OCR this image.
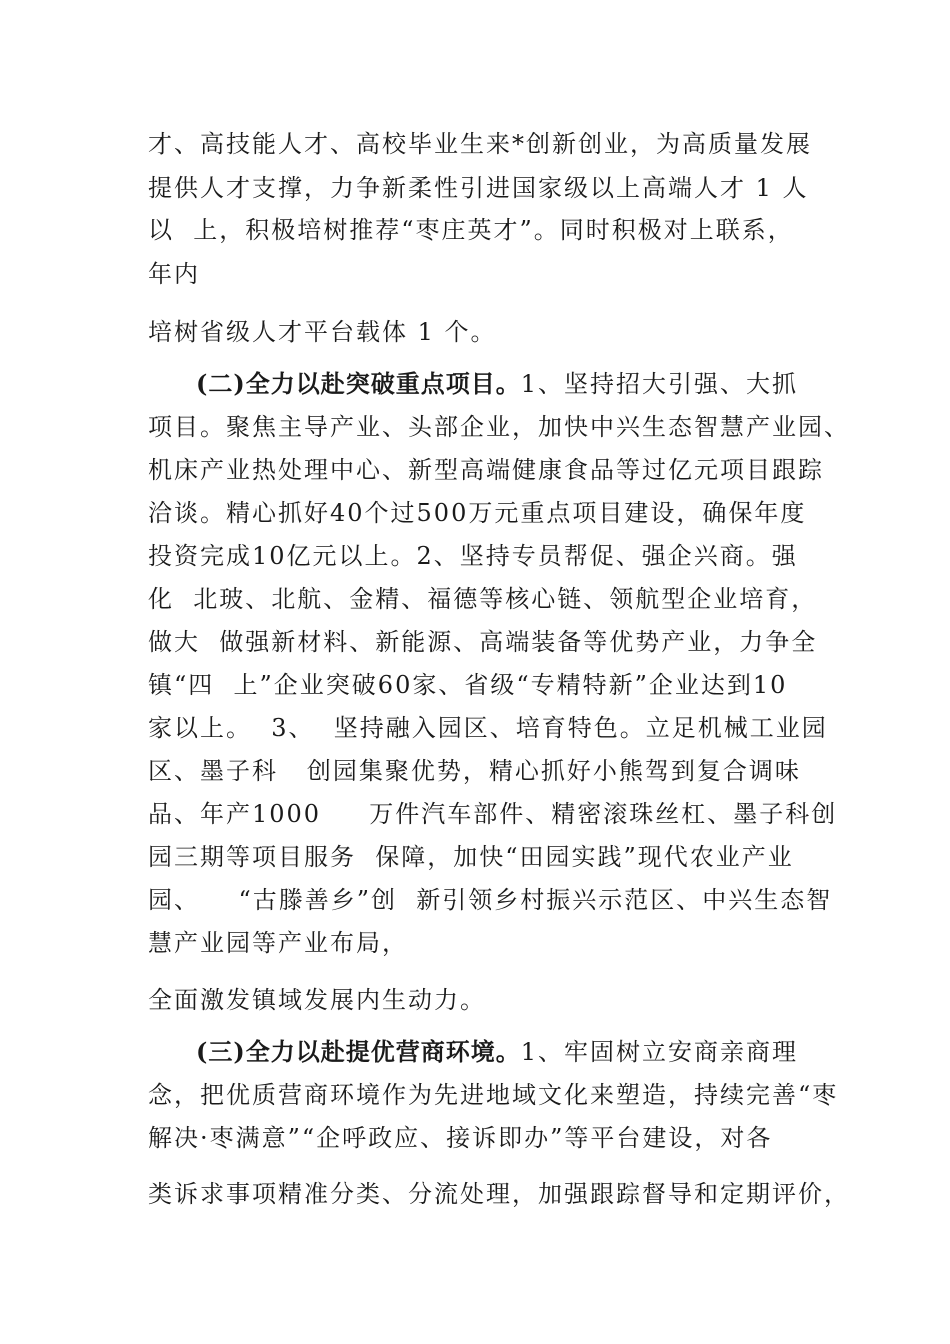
才、高技能人才、高校毕业生来*创新创业，为高质量发展
提供人才支撑，力争新柔性引进国家级以上高端人才 1 人
以  上，积极培树推荐“枣庄英才”。同时积极对上联系，
年内
培树省级人才平台载体 1 个。
(二)全力以赴突破重点项目。1、坚持招大引强、大抓
项目。聚焦主导产业、头部企业，加快中兴生态智慧产业园、
机床产业热处理中心、新型高端健康食品等过亿元项目跟踪
洽谈。精心抓好40个过500万元重点项目建设，确保年度
投资完成10亿元以上。2、坚持专员帮促、强企兴商。强
化  北玻、北航、金精、福德等核心链、领航型企业培育，
做大  做强新材料、新能源、高端装备等优势产业，力争全
镇“四  上”企业突破60家、省级“专精特新”企业达到10
家以上。  3、  坚持融入园区、培育特色。立足机械工业园
区、墨子科   创园集聚优势，精心抓好小熊驾到复合调味
品、年产1000     万件汽车部件、精密滚珠丝杠、墨子科创
园三期等项目服务  保障，加快“田园实践”现代农业产业
园、    “古滕善乡”创  新引领乡村振兴示范区、中兴生态智
慧产业园等产业布局，
全面激发镇域发展内生动力。
(三)全力以赴提优营商环境。1、牢固树立安商亲商理
念，把优质营商环境作为先进地域文化来塑造，持续完善“枣
解决·枣满意”“企呼政应、接诉即办”等平台建设，对各
类诉求事项精准分类、分流处理，加强跟踪督导和定期评价，
